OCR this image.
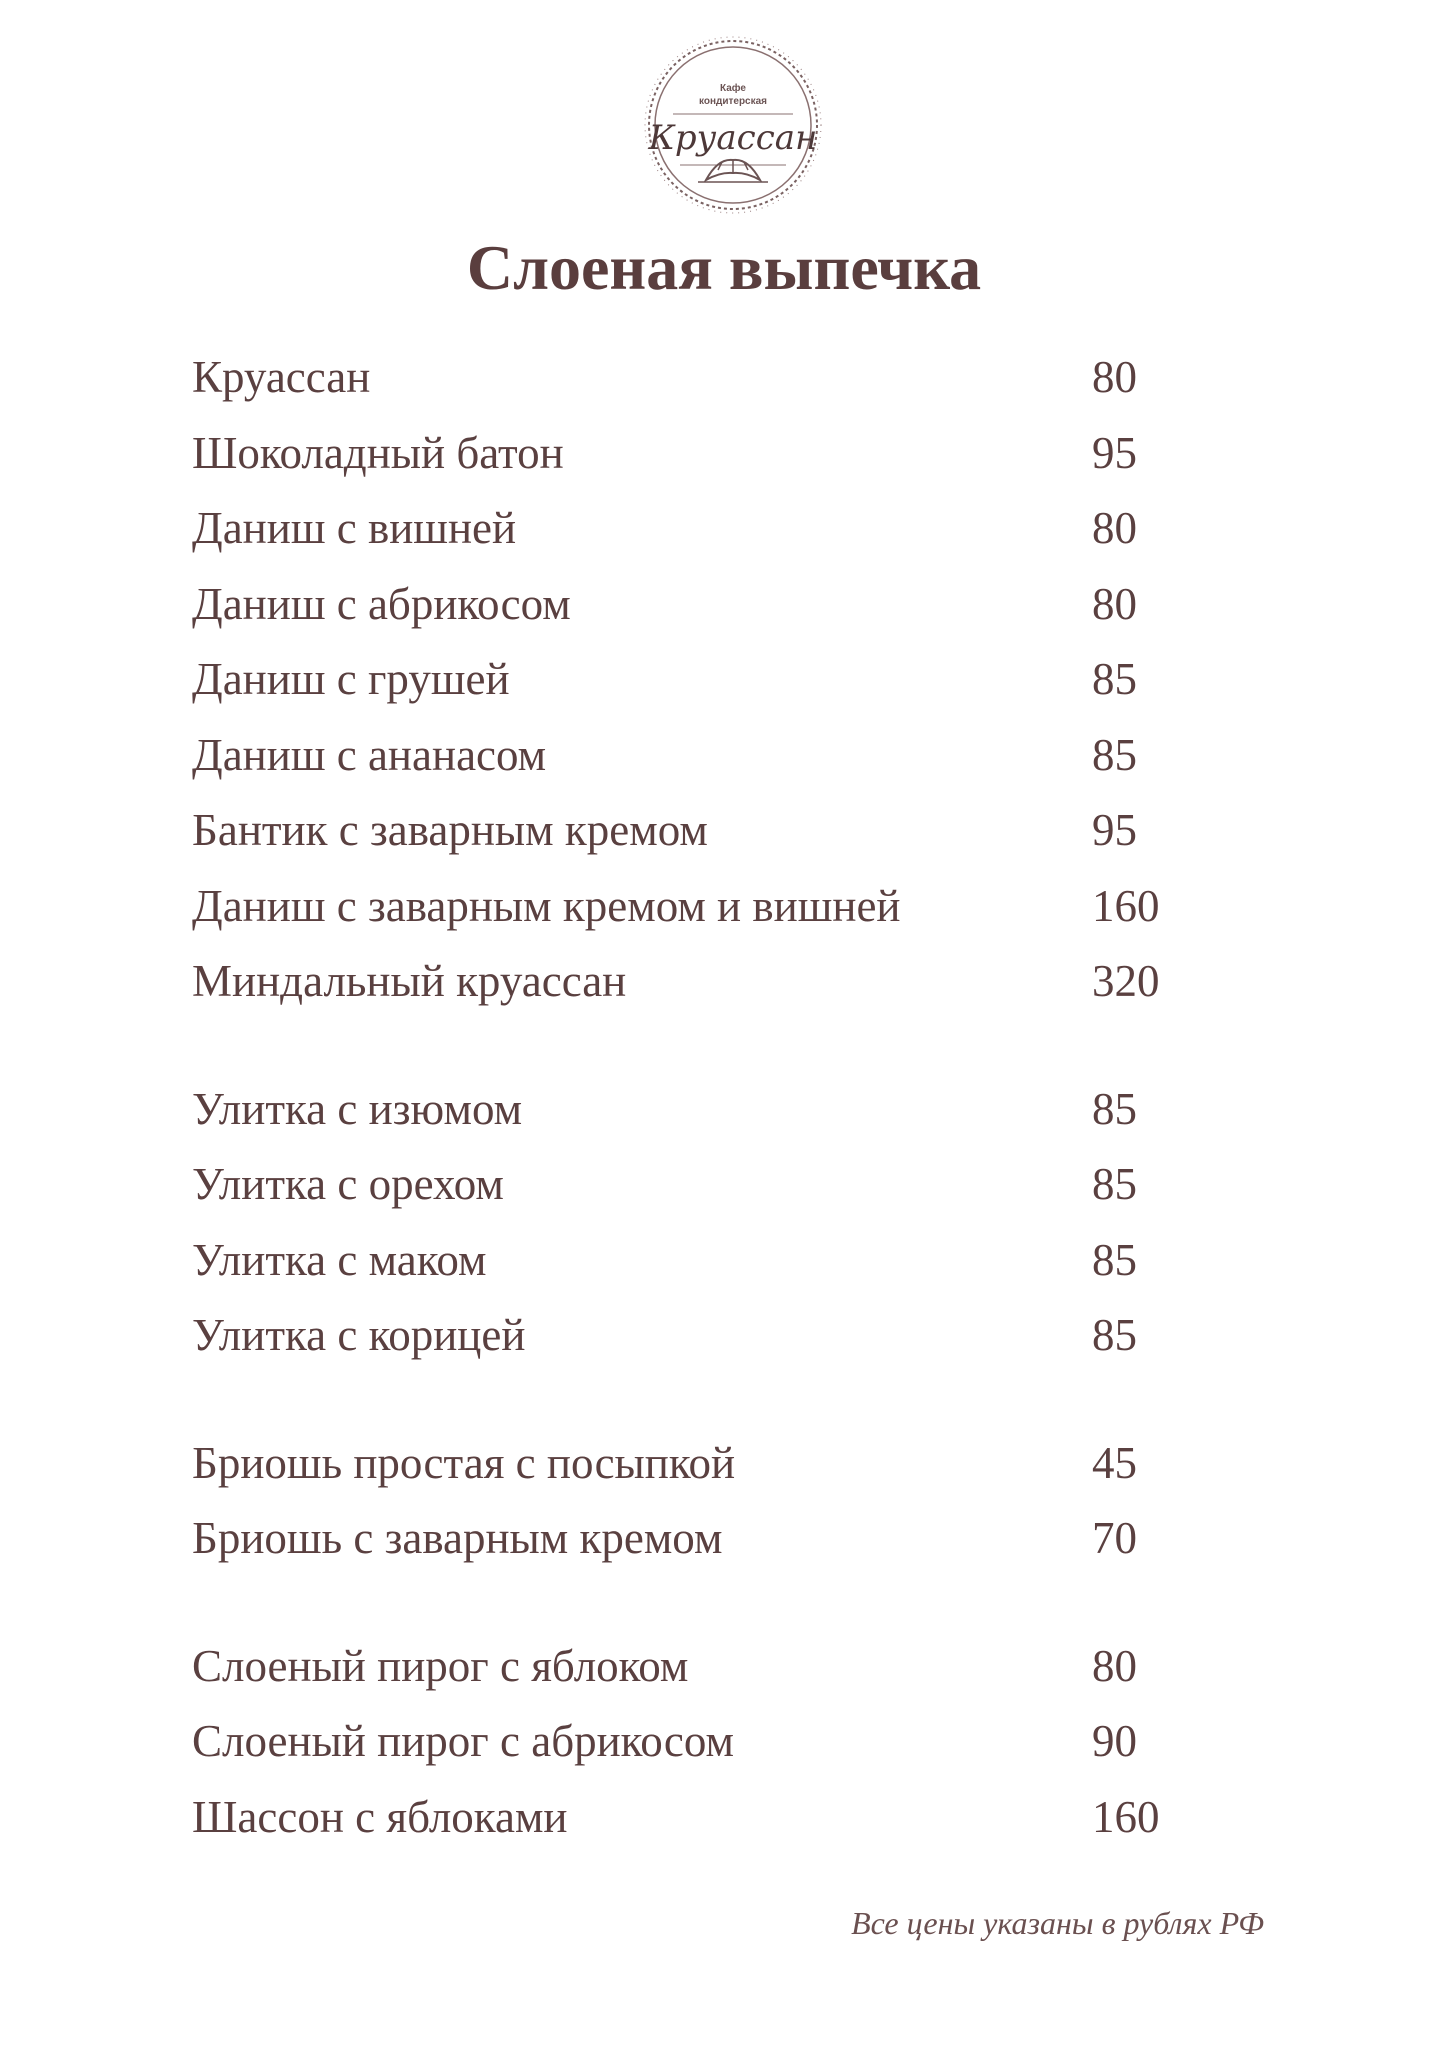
Кафе
кондитерская
Круассан
Слоеная выпечка
Круассан	80
Шоколадный батон	95
Даниш с вишней	80
Даниш с абрикосом	80
Даниш с грушей	85
Даниш с ананасом	85
Бантик с заварным кремом	95
Даниш с заварным кремом и вишней	160
Миндальный круассан	320
Улитка с изюмом	85
Улитка с орехом	85
Улитка с маком	85
Улитка с корицей	85
Бриошь простая с посыпкой	45
Бриошь с заварным кремом	70
Слоеный пирог с яблоком	80
Слоеный пирог с абрикосом	90
Шассон с яблоками	160
Все цены указаны в рублях РФ
